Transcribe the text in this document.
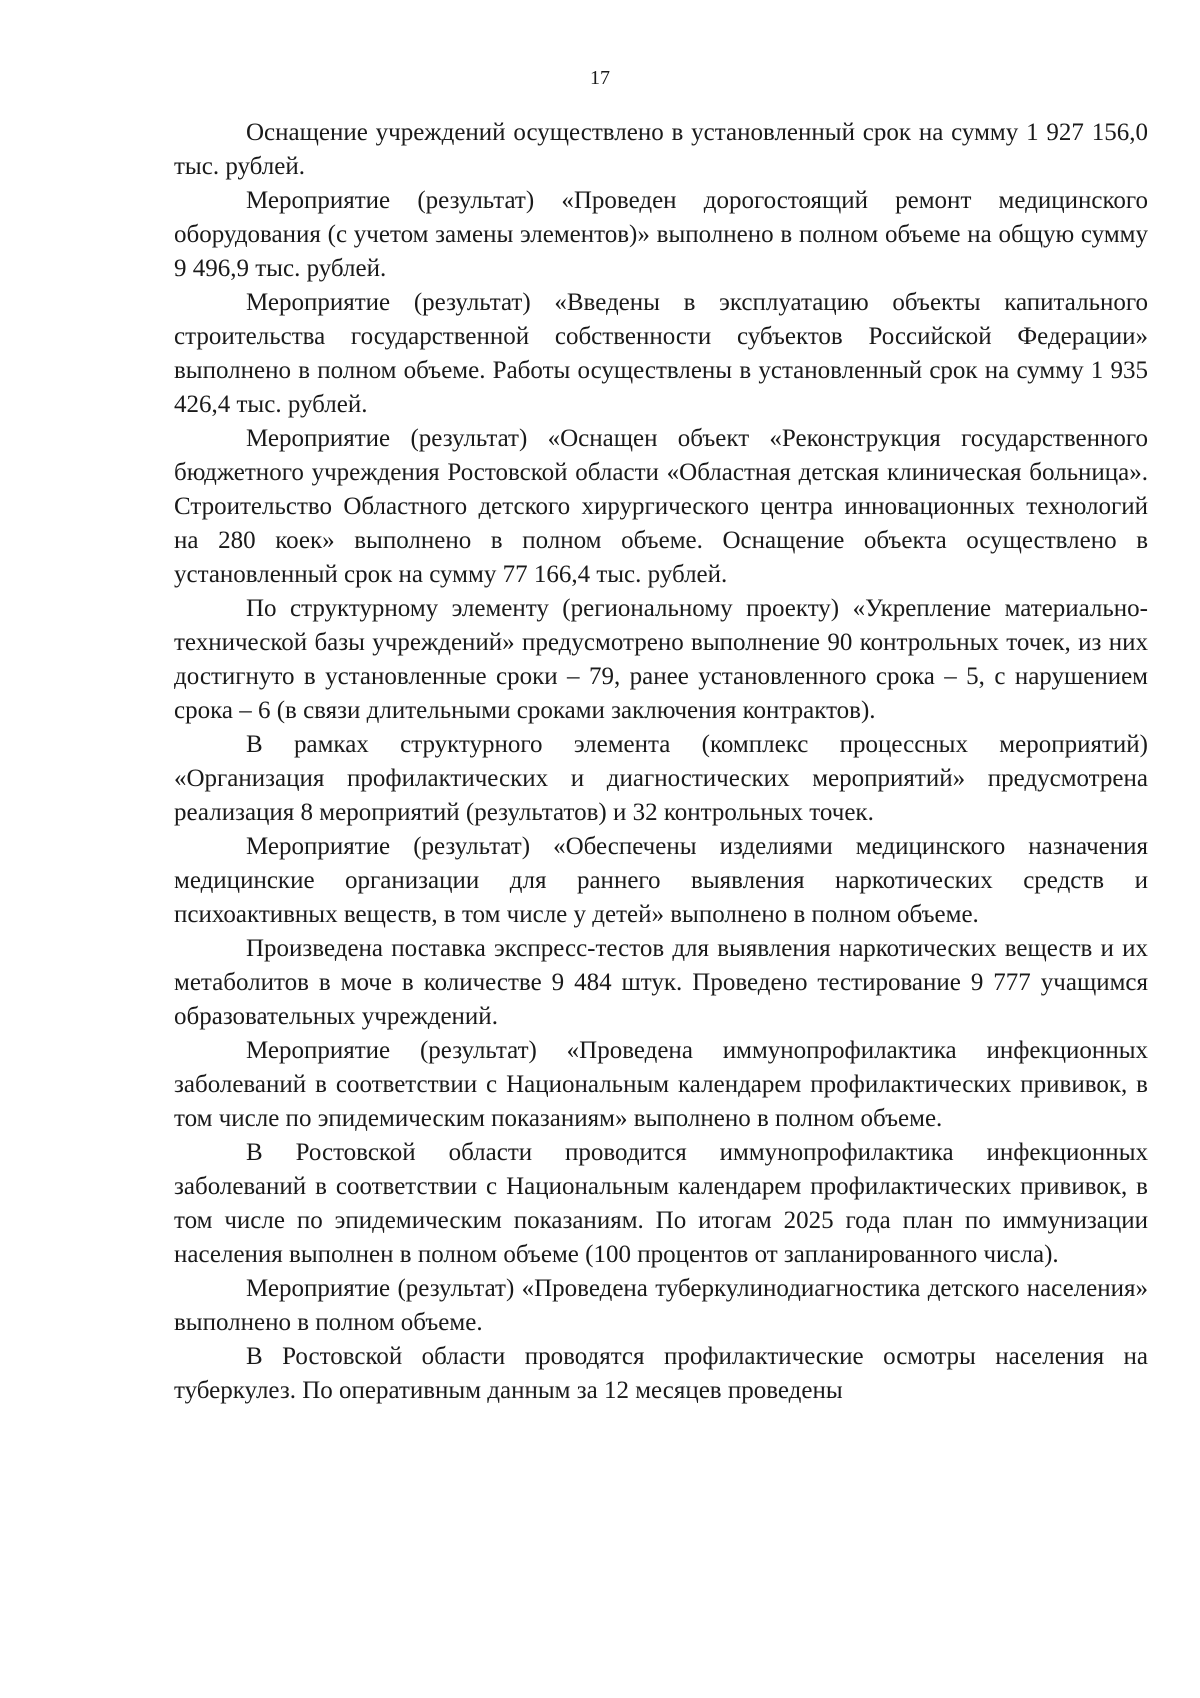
17

Оснащение учреждений осуществлено в установленный срок на сумму 1 927 156,0 тыс. рублей.

Мероприятие (результат) «Проведен дорогостоящий ремонт медицинского оборудования (с учетом замены элементов)» выполнено в полном объеме на общую сумму 9 496,9 тыс. рублей.

Мероприятие (результат) «Введены в эксплуатацию объекты капитального строительства государственной собственности субъектов Российской Федерации» выполнено в полном объеме. Работы осуществлены в установленный срок на сумму 1 935 426,4 тыс. рублей.

Мероприятие (результат) «Оснащен объект «Реконструкция государственного бюджетного учреждения Ростовской области «Областная детская клиническая больница». Строительство Областного детского хирургического центра инновационных технологий на 280 коек» выполнено в полном объеме. Оснащение объекта осуществлено в установленный срок на сумму 77 166,4 тыс. рублей.

По структурному элементу (региональному проекту) «Укрепление материально-технической базы учреждений» предусмотрено выполнение 90 контрольных точек, из них достигнуто в установленные сроки – 79, ранее установленного срока – 5, с нарушением срока – 6 (в связи длительными сроками заключения контрактов).

В рамках структурного элемента (комплекс процессных мероприятий) «Организация профилактических и диагностических мероприятий» предусмотрена реализация 8 мероприятий (результатов) и 32 контрольных точек.

Мероприятие (результат) «Обеспечены изделиями медицинского назначения медицинские организации для раннего выявления наркотических средств и психоактивных веществ, в том числе у детей» выполнено в полном объеме.

Произведена поставка экспресс-тестов для выявления наркотических веществ и их метаболитов в моче в количестве 9 484 штук. Проведено тестирование 9 777 учащимся образовательных учреждений.

Мероприятие (результат) «Проведена иммунопрофилактика инфекционных заболеваний в соответствии с Национальным календарем профилактических прививок, в том числе по эпидемическим показаниям» выполнено в полном объеме.

В Ростовской области проводится иммунопрофилактика инфекционных заболеваний в соответствии с Национальным календарем профилактических прививок, в том числе по эпидемическим показаниям. По итогам 2025 года план по иммунизации населения выполнен в полном объеме (100 процентов от запланированного числа).

Мероприятие (результат) «Проведена туберкулинодиагностика детского населения» выполнено в полном объеме.

В Ростовской области проводятся профилактические осмотры населения на туберкулез. По оперативным данным за 12 месяцев проведены
